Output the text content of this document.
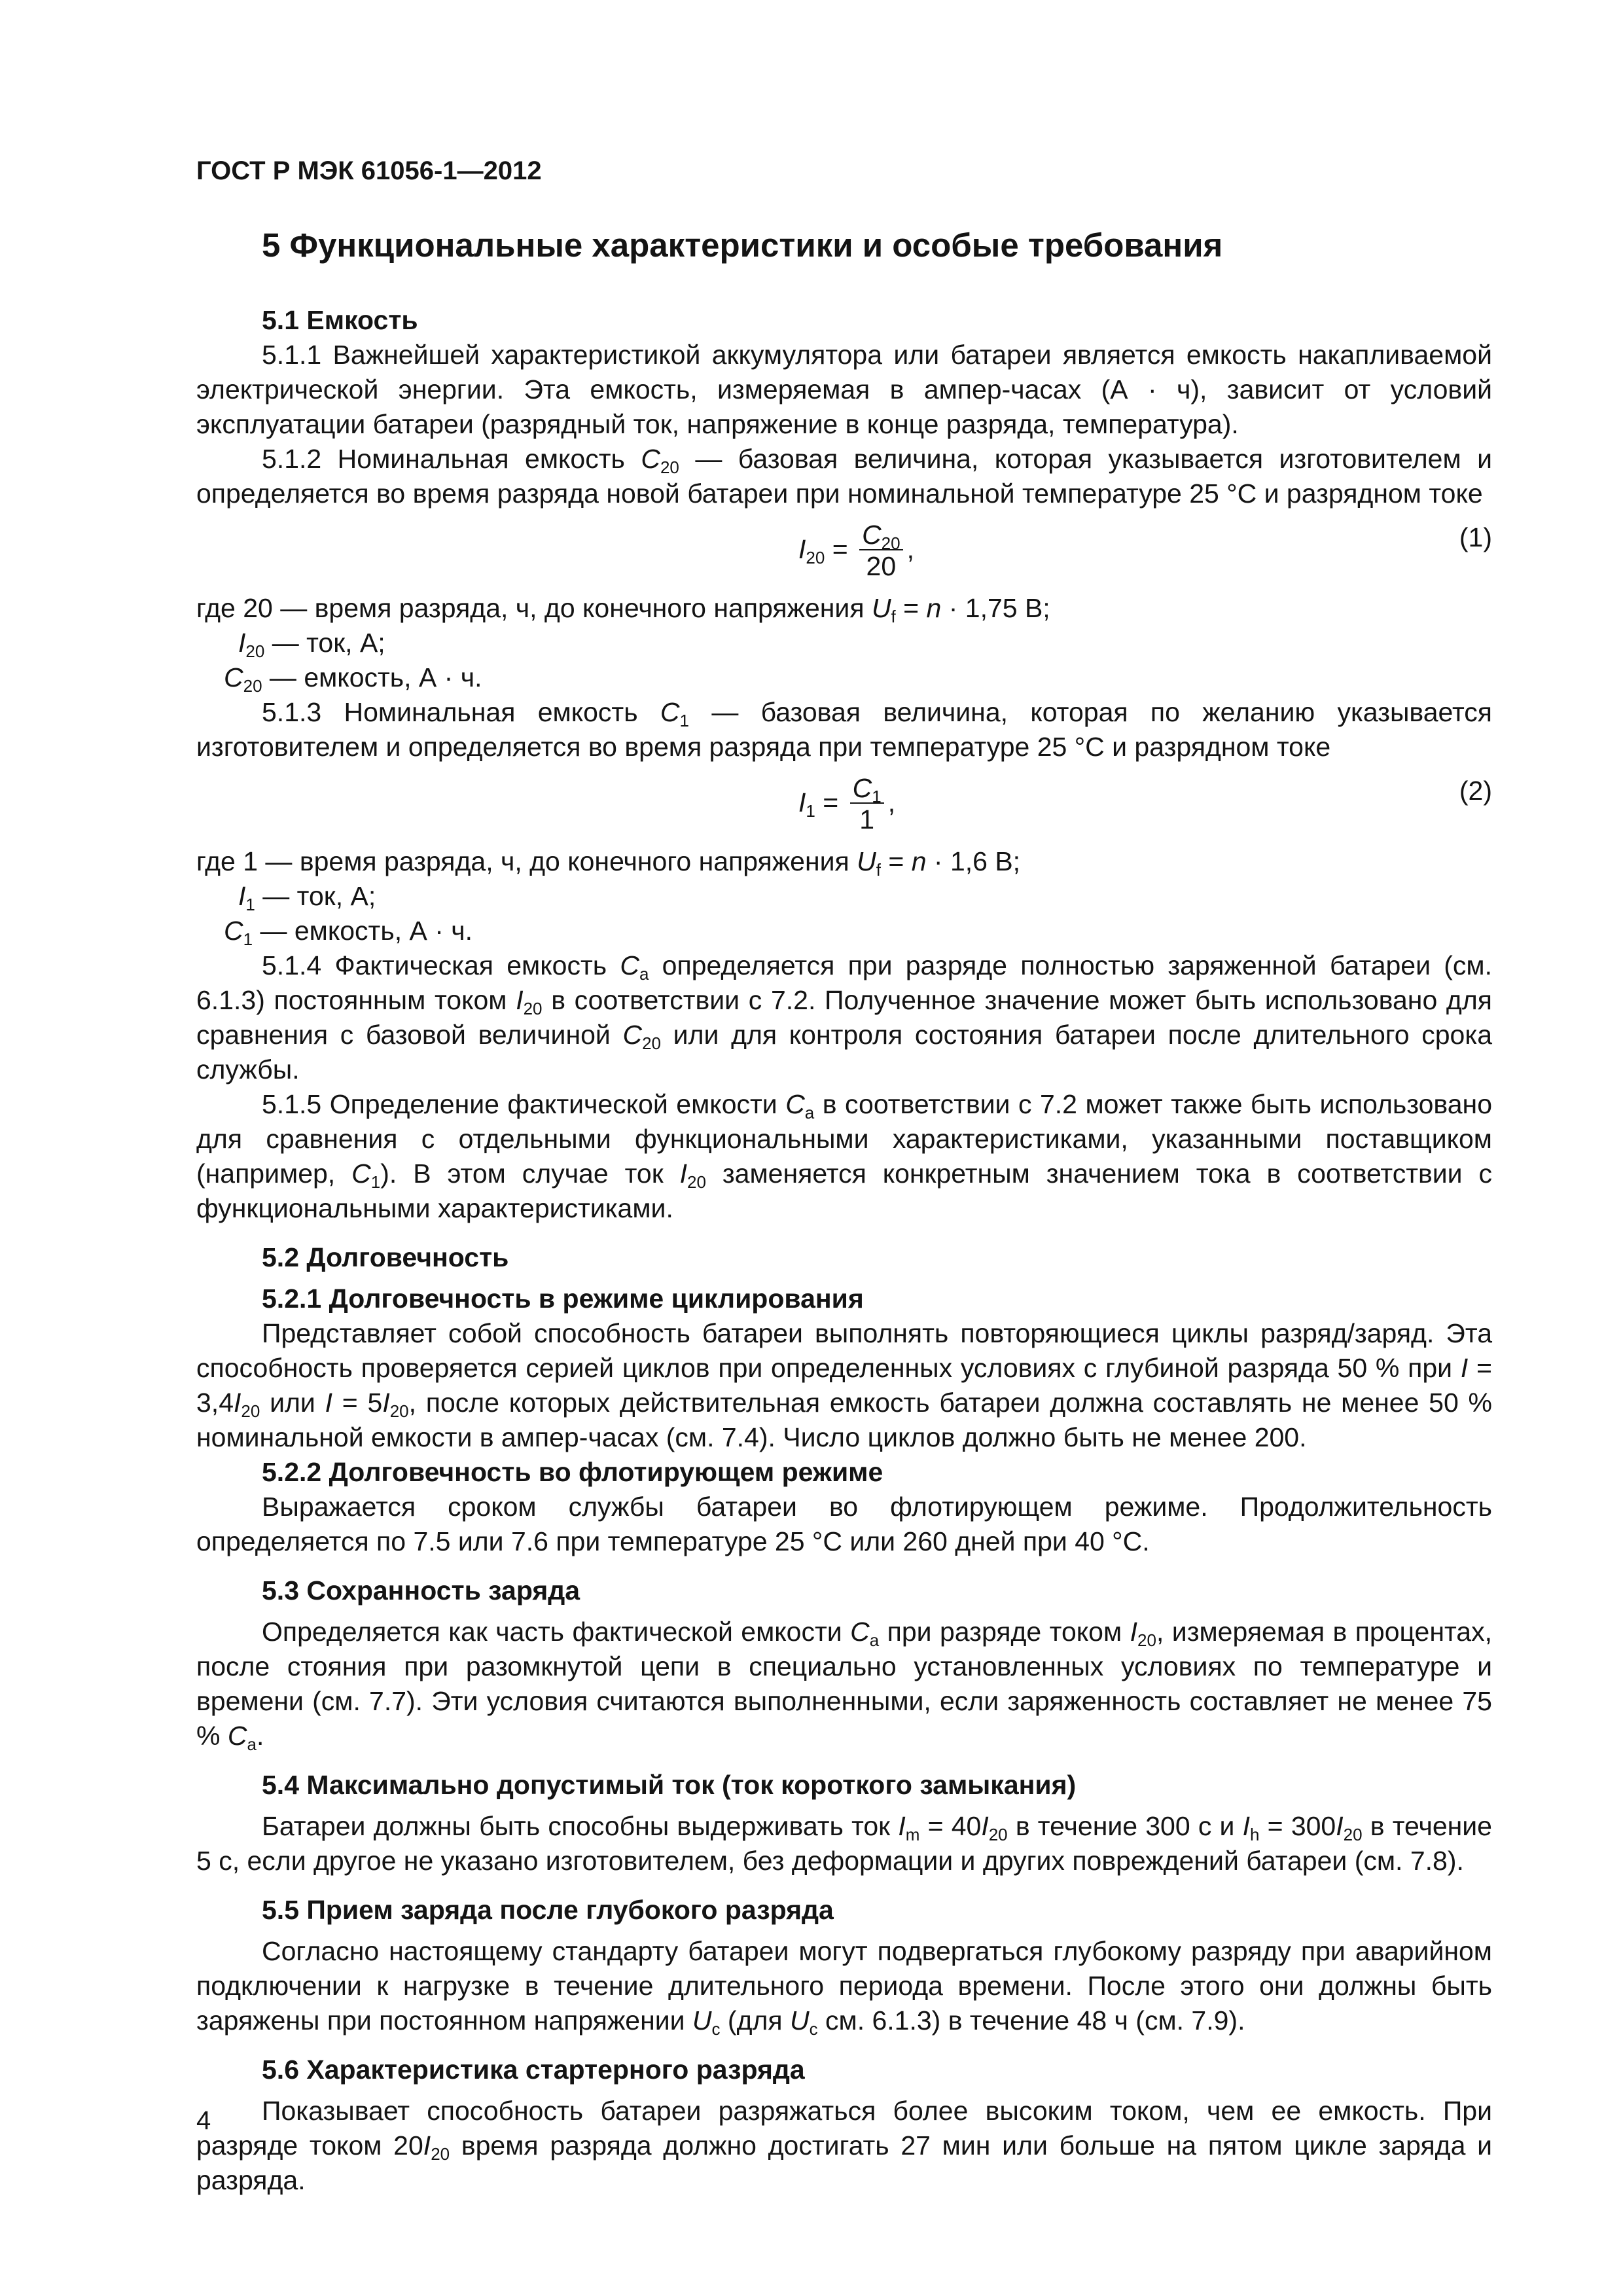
ГОСТ Р МЭК 61056-1—2012
5 Функциональные характеристики и особые требования
5.1 Емкость
5.1.1 Важнейшей характеристикой аккумулятора или батареи является емкость накапливаемой электрической энергии. Эта емкость, измеряемая в ампер-часах (А · ч), зависит от условий эксплуатации батареи (разрядный ток, напряжение в конце разряда, температура).
5.1.2 Номинальная емкость $C_{20}$ — базовая величина, которая указывается изготовителем и определяется во время разряда новой батареи при номинальной температуре 25 °С и разрядном токе
$I_{20} = \frac{C_{20}}{20}$ ,	(1)
где 20 — время разряда, ч, до конечного напряжения $U_f = n \cdot 1,75$ В;
$I_{20}$ — ток, А;
$C_{20}$ — емкость, А · ч.
5.1.3 Номинальная емкость $C_1$ — базовая величина, которая по желанию указывается изготовителем и определяется во время разряда при температуре 25 °С и разрядном токе
$I_1 = \frac{C_1}{1}$ ,	(2)
где 1 — время разряда, ч, до конечного напряжения $U_f = n \cdot 1,6$ В;
$I_1$ — ток, А;
$C_1$ — емкость, А · ч.
5.1.4 Фактическая емкость $C_a$ определяется при разряде полностью заряженной батареи (см. 6.1.3) постоянным током $I_{20}$ в соответствии с 7.2. Полученное значение может быть использовано для сравнения с базовой величиной $C_{20}$ или для контроля состояния батареи после длительного срока службы.
5.1.5 Определение фактической емкости $C_a$ в соответствии с 7.2 может также быть использовано для сравнения с отдельными функциональными характеристиками, указанными поставщиком (например, $C_1$). В этом случае ток $I_{20}$ заменяется конкретным значением тока в соответствии с функциональными характеристиками.
5.2 Долговечность
5.2.1 Долговечность в режиме циклирования
Представляет собой способность батареи выполнять повторяющиеся циклы разряд/заряд. Эта способность проверяется серией циклов при определенных условиях с глубиной разряда 50 % при $I = 3,4I_{20}$ или $I = 5I_{20}$, после которых действительная емкость батареи должна составлять не менее 50 % номинальной емкости в ампер-часах (см. 7.4). Число циклов должно быть не менее 200.
5.2.2 Долговечность во флотирующем режиме
Выражается сроком службы батареи во флотирующем режиме. Продолжительность определяется по 7.5 или 7.6 при температуре 25 °С или 260 дней при 40 °С.
5.3 Сохранность заряда
Определяется как часть фактической емкости $C_a$ при разряде током $I_{20}$, измеряемая в процентах, после стояния при разомкнутой цепи в специально установленных условиях по температуре и времени (см. 7.7). Эти условия считаются выполненными, если заряженность составляет не менее 75 % $C_a$.
5.4 Максимально допустимый ток (ток короткого замыкания)
Батареи должны быть способны выдерживать ток $I_m = 40I_{20}$ в течение 300 с и $I_h = 300I_{20}$ в течение 5 с, если другое не указано изготовителем, без деформации и других повреждений батареи (см. 7.8).
5.5 Прием заряда после глубокого разряда
Согласно настоящему стандарту батареи могут подвергаться глубокому разряду при аварийном подключении к нагрузке в течение длительного периода времени. После этого они должны быть заряжены при постоянном напряжении $U_c$ (для $U_c$ см. 6.1.3) в течение 48 ч (см. 7.9).
5.6 Характеристика стартерного разряда
Показывает способность батареи разряжаться более высоким током, чем ее емкость. При разряде током $20I_{20}$ время разряда должно достигать 27 мин или больше на пятом цикле заряда и разряда.
4
